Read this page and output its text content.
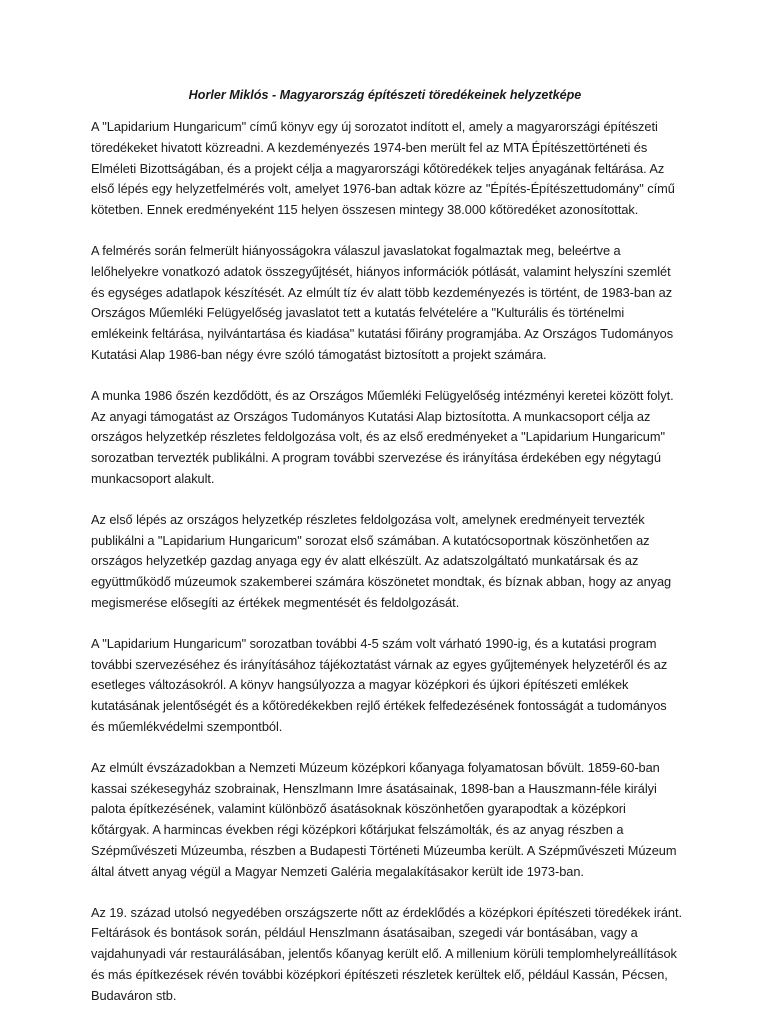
Horler Miklós - Magyarország építészeti töredékeinek helyzetképe

A "Lapidarium Hungaricum" című könyv egy új sorozatot indított el, amely a magyarországi építészeti töredékeket hivatott közreadni. A kezdeményezés 1974-ben merült fel az MTA Építészettörténeti és Elméleti Bizottságában, és a projekt célja a magyarországi kőtöredékek teljes anyagának feltárása. Az első lépés egy helyzetfelmérés volt, amelyet 1976-ban adtak közre az "Építés-Építészettudomány" című kötetben. Ennek eredményeként 115 helyen összesen mintegy 38.000 kőtöredéket azonosítottak.

A felmérés során felmerült hiányosságokra válaszul javaslatokat fogalmaztak meg, beleértve a lelőhelyekre vonatkozó adatok összegyűjtését, hiányos információk pótlását, valamint helyszíni szemlét és egységes adatlapok készítését. Az elmúlt tíz év alatt több kezdeményezés is történt, de 1983-ban az Országos Műemléki Felügyelőség javaslatot tett a kutatás felvételére a "Kulturális és történelmi emlékeink feltárása, nyilvántartása és kiadása" kutatási főirány programjába. Az Országos Tudományos Kutatási Alap 1986-ban négy évre szóló támogatást biztosított a projekt számára.

A munka 1986 őszén kezdődött, és az Országos Műemléki Felügyelőség intézményi keretei között folyt. Az anyagi támogatást az Országos Tudományos Kutatási Alap biztosította. A munkacsoport célja az országos helyzetkép részletes feldolgozása volt, és az első eredményeket a "Lapidarium Hungaricum" sorozatban tervezték publikálni. A program további szervezése és irányítása érdekében egy négytagú munkacsoport alakult.

Az első lépés az országos helyzetkép részletes feldolgozása volt, amelynek eredményeit tervezték publikálni a "Lapidarium Hungaricum" sorozat első számában. A kutatócsoportnak köszönhetően az országos helyzetkép gazdag anyaga egy év alatt elkészült. Az adatszolgáltató munkatársak és az együttműködő múzeumok szakemberei számára köszönetet mondtak, és bíznak abban, hogy az anyag megismerése elősegíti az értékek megmentését és feldolgozását.

A "Lapidarium Hungaricum" sorozatban további 4-5 szám volt várható 1990-ig, és a kutatási program további szervezéséhez és irányításához tájékoztatást várnak az egyes gyűjtemények helyzetéről és az esetleges változásokról. A könyv hangsúlyozza a magyar középkori és újkori építészeti emlékek kutatásának jelentőségét és a kőtöredékekben rejlő értékek felfedezésének fontosságát a tudományos és műemlékvédelmi szempontból.

Az elmúlt évszázadokban a Nemzeti Múzeum középkori kőanyaga folyamatosan bővült. 1859-60-ban kassai székesegyház szobrainak, Henszlmann Imre ásatásainak, 1898-ban a Hauszmann-féle királyi palota építkezésének, valamint különböző ásatásoknak köszönhetően gyarapodtak a középkori kőtárgyak. A harmincas években régi középkori kőtárjukat felszámolták, és az anyag részben a Szépművészeti Múzeumba, részben a Budapesti Történeti Múzeumba került. A Szépművészeti Múzeum által átvett anyag végül a Magyar Nemzeti Galéria megalakításakor került ide 1973-ban.

Az 19. század utolsó negyedében országszerte nőtt az érdeklődés a középkori építészeti töredékek iránt. Feltárások és bontások során, például Henszlmann ásatásaiban, szegedi vár bontásában, vagy a vajdahunyadi vár restaurálásában, jelentős kőanyag került elő. A millenium körüli templomhelyreállítások és más építkezések révén további középkori építészeti részletek kerültek elő, például Kassán, Pécsen, Budaváron stb.
